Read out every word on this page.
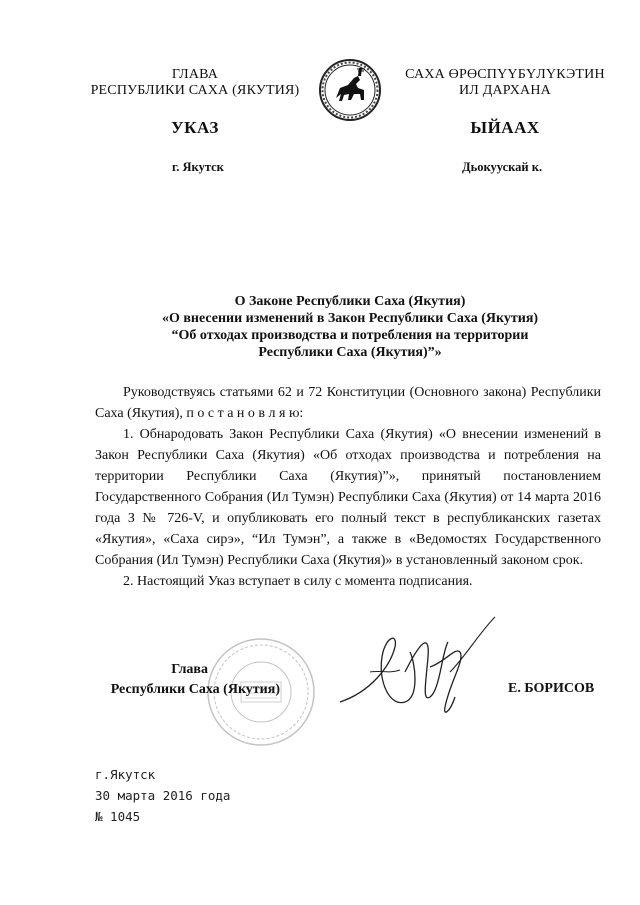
ГЛАВА
РЕСПУБЛИКИ САХА (ЯКУТИЯ)
САХА ӨРӨСПҮҮБҮЛҮКЭТИН
ИЛ ДАРХАНА
УКАЗ	ЫЙААХ
г. Якутск	Дьокуускай к.
О Законе Республики Саха (Якутия)
«О внесении изменений в Закон Республики Саха (Якутия)
“Об отходах производства и потребления на территории
Республики Саха (Якутия)”»

Руководствуясь статьями 62 и 72 Конституции (Основного закона) Республики Саха (Якутия), п о с т а н о в л я ю:

1. Обнародовать Закон Республики Саха (Якутия) «О внесении изменений в Закон Республики Саха (Якутия) «Об отходах производства и потребления на территории Республики Саха (Якутия)”», принятый постановлением Государственного Собрания (Ил Тумэн) Республики Саха (Якутия) от 14 марта 2016 года З № 726-V, и опубликовать его полный текст в республиканских газетах «Якутия», «Саха сирэ», “Ил Тумэн”, а также в «Ведомостях Государственного Собрания (Ил Тумэн) Республики Саха (Якутия)» в установленный законом срок.

2. Настоящий Указ вступает в силу с момента подписания.

Глава
Республики Саха (Якутия)	Е. БОРИСОВ
г.Якутск
30 марта 2016 года
№ 1045
